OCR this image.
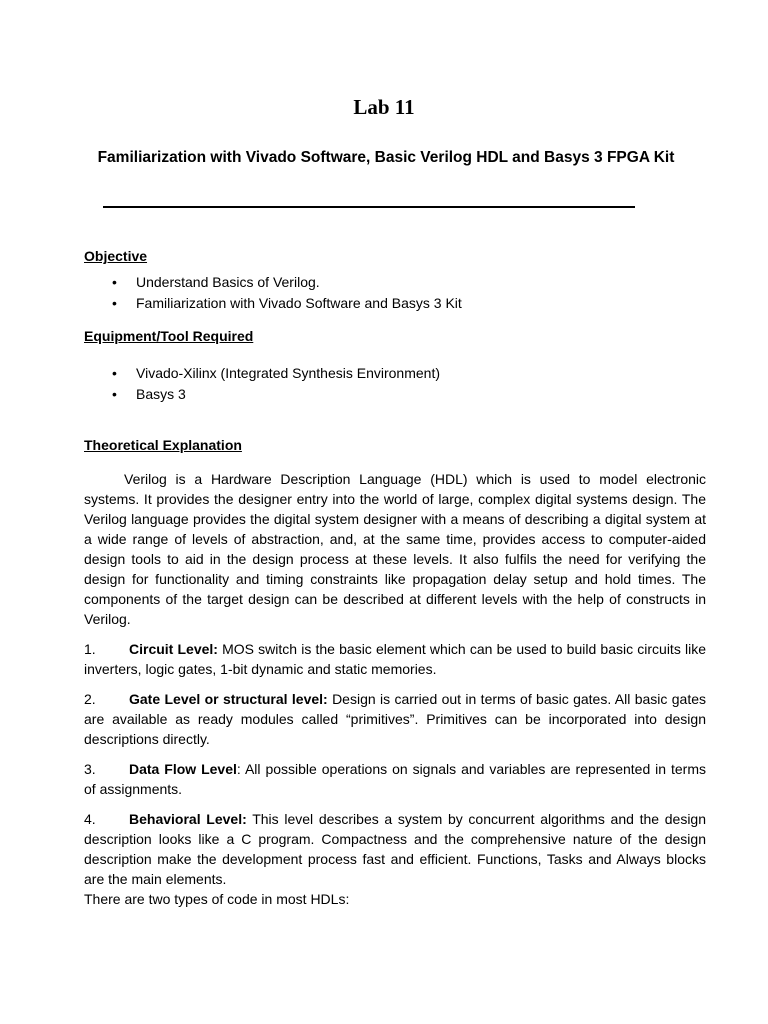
Lab 11
Familiarization with Vivado Software, Basic Verilog HDL and Basys 3 FPGA Kit
Objective
• Understand Basics of Verilog.
• Familiarization with Vivado Software and Basys 3 Kit
Equipment/Tool Required
• Vivado-Xilinx (Integrated Synthesis Environment)
• Basys 3
Theoretical Explanation

Verilog is a Hardware Description Language (HDL) which is used to model electronic systems. It provides the designer entry into the world of large, complex digital systems design. The Verilog language provides the digital system designer with a means of describing a digital system at a wide range of levels of abstraction, and, at the same time, provides access to computer-aided design tools to aid in the design process at these levels. It also fulfils the need for verifying the design for functionality and timing constraints like propagation delay setup and hold times. The components of the target design can be described at different levels with the help of constructs in Verilog.

1. Circuit Level: MOS switch is the basic element which can be used to build basic circuits like inverters, logic gates, 1-bit dynamic and static memories.

2. Gate Level or structural level: Design is carried out in terms of basic gates. All basic gates are available as ready modules called “primitives”. Primitives can be incorporated into design descriptions directly.

3. Data Flow Level: All possible operations on signals and variables are represented in terms of assignments.

4. Behavioral Level: This level describes a system by concurrent algorithms and the design description looks like a C program. Compactness and the comprehensive nature of the design description make the development process fast and efficient. Functions, Tasks and Always blocks are the main elements.

There are two types of code in most HDLs:
